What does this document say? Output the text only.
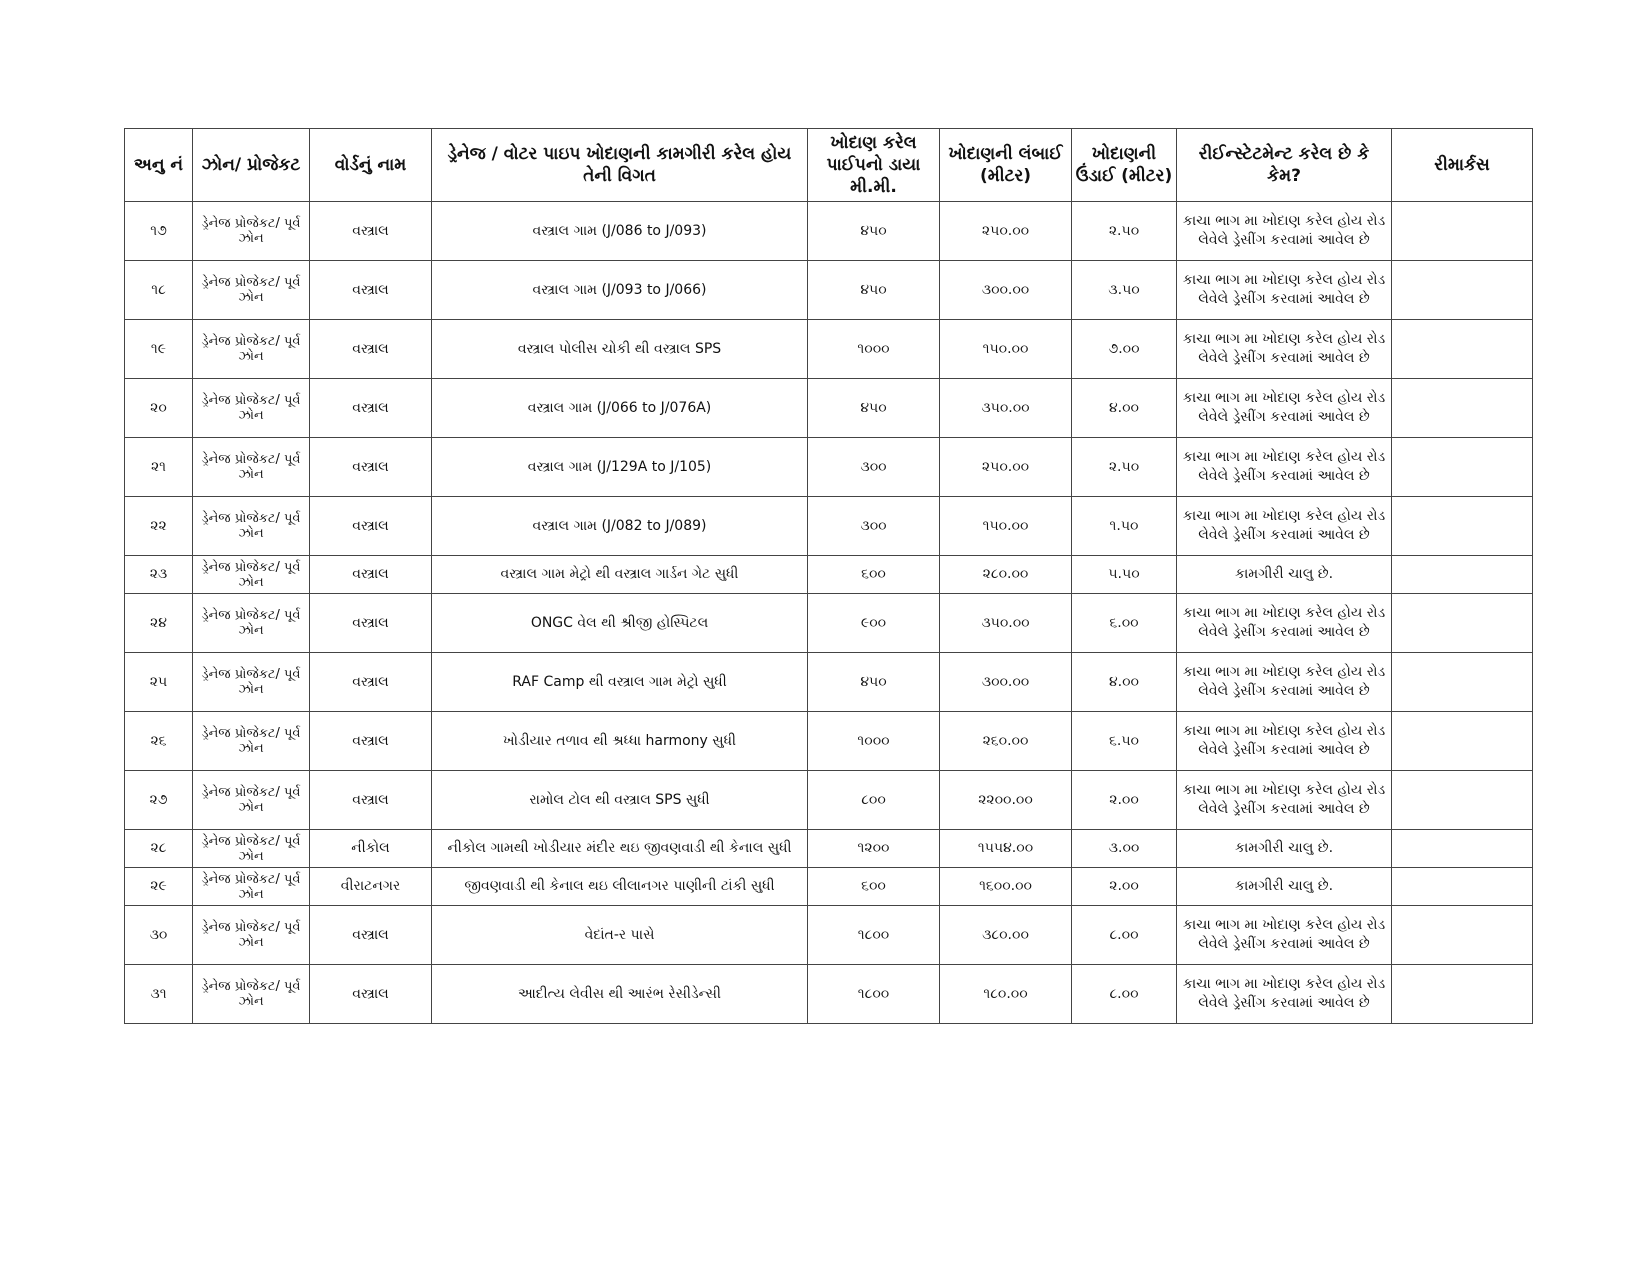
અનુ નં	ઝોન/ પ્રોજેકટ	વોર્ડનું નામ	ડ્રેનેજ / વોટર પાઇપ ખોદાણની કામગીરી કરેલ હોય તેની વિગત	ખોદાણ કરેલ પાઈપનો ડાયા મી.મી.	ખોદાણની લંબાઈ (મીટર)	ખોદાણની ઉંડાઈ (મીટર)	રીઈન્સ્ટેટમેન્ટ કરેલ છે કે કેમ?	રીમાર્કસ
૧૭	ડ્રેનેજ પ્રોજેકટ/ પૂર્વ ઝોન	વસ્ત્રાલ	વસ્ત્રાલ ગામ (J/086 to J/093)	૪૫૦	૨૫૦.૦૦	૨.૫૦	કાચા ભાગ મા ખોદાણ કરેલ હોય રોડ લેવેલે ડ્રેસીંગ કરવામાં આવેલ છે	
૧૮	ડ્રેનેજ પ્રોજેકટ/ પૂર્વ ઝોન	વસ્ત્રાલ	વસ્ત્રાલ ગામ (J/093 to J/066)	૪૫૦	૩૦૦.૦૦	૩.૫૦	કાચા ભાગ મા ખોદાણ કરેલ હોય રોડ લેવેલે ડ્રેસીંગ કરવામાં આવેલ છે	
૧૯	ડ્રેનેજ પ્રોજેકટ/ પૂર્વ ઝોન	વસ્ત્રાલ	વસ્ત્રાલ પોલીસ ચોકી થી વસ્ત્રાલ SPS	૧૦૦૦	૧૫૦.૦૦	૭.૦૦	કાચા ભાગ મા ખોદાણ કરેલ હોય રોડ લેવેલે ડ્રેસીંગ કરવામાં આવેલ છે	
૨૦	ડ્રેનેજ પ્રોજેકટ/ પૂર્વ ઝોન	વસ્ત્રાલ	વસ્ત્રાલ ગામ (J/066 to J/076A)	૪૫૦	૩૫૦.૦૦	૪.૦૦	કાચા ભાગ મા ખોદાણ કરેલ હોય રોડ લેવેલે ડ્રેસીંગ કરવામાં આવેલ છે	
૨૧	ડ્રેનેજ પ્રોજેકટ/ પૂર્વ ઝોન	વસ્ત્રાલ	વસ્ત્રાલ ગામ (J/129A to J/105)	૩૦૦	૨૫૦.૦૦	૨.૫૦	કાચા ભાગ મા ખોદાણ કરેલ હોય રોડ લેવેલે ડ્રેસીંગ કરવામાં આવેલ છે	
૨૨	ડ્રેનેજ પ્રોજેકટ/ પૂર્વ ઝોન	વસ્ત્રાલ	વસ્ત્રાલ ગામ (J/082 to J/089)	૩૦૦	૧૫૦.૦૦	૧.૫૦	કાચા ભાગ મા ખોદાણ કરેલ હોય રોડ લેવેલે ડ્રેસીંગ કરવામાં આવેલ છે	
૨૩	ડ્રેનેજ પ્રોજેકટ/ પૂર્વ ઝોન	વસ્ત્રાલ	વસ્ત્રાલ ગામ મેટ્રો થી વસ્ત્રાલ ગાર્ડન ગેટ સુધી	૬૦૦	૨૮૦.૦૦	૫.૫૦	કામગીરી ચાલુ છે.	
૨૪	ડ્રેનેજ પ્રોજેકટ/ પૂર્વ ઝોન	વસ્ત્રાલ	ONGC વેલ થી શ્રીજી હોસ્પિટલ	૯૦૦	૩૫૦.૦૦	૬.૦૦	કાચા ભાગ મા ખોદાણ કરેલ હોય રોડ લેવેલે ડ્રેસીંગ કરવામાં આવેલ છે	
૨૫	ડ્રેનેજ પ્રોજેકટ/ પૂર્વ ઝોન	વસ્ત્રાલ	RAF Camp થી વસ્ત્રાલ ગામ મેટ્રો સુધી	૪૫૦	૩૦૦.૦૦	૪.૦૦	કાચા ભાગ મા ખોદાણ કરેલ હોય રોડ લેવેલે ડ્રેસીંગ કરવામાં આવેલ છે	
૨૬	ડ્રેનેજ પ્રોજેકટ/ પૂર્વ ઝોન	વસ્ત્રાલ	ખોડીયાર તળાવ થી શ્રધ્ધા harmony સુધી	૧૦૦૦	૨૬૦.૦૦	૬.૫૦	કાચા ભાગ મા ખોદાણ કરેલ હોય રોડ લેવેલે ડ્રેસીંગ કરવામાં આવેલ છે	
૨૭	ડ્રેનેજ પ્રોજેકટ/ પૂર્વ ઝોન	વસ્ત્રાલ	રામોલ ટોલ થી વસ્ત્રાલ SPS સુધી	૮૦૦	૨૨૦૦.૦૦	૨.૦૦	કાચા ભાગ મા ખોદાણ કરેલ હોય રોડ લેવેલે ડ્રેસીંગ કરવામાં આવેલ છે	
૨૮	ડ્રેનેજ પ્રોજેકટ/ પૂર્વ ઝોન	નીકોલ	નીકોલ ગામથી ખોડીયાર મંદીર થઇ જીવણવાડી થી કેનાલ સુધી	૧૨૦૦	૧૫૫૪.૦૦	૩.૦૦	કામગીરી ચાલુ છે.	
૨૯	ડ્રેનેજ પ્રોજેકટ/ પૂર્વ ઝોન	વીરાટનગર	જીવણવાડી થી કેનાલ થઇ લીલાનગર પાણીની ટાંકી સુધી	૬૦૦	૧૬૦૦.૦૦	૨.૦૦	કામગીરી ચાલુ છે.	
૩૦	ડ્રેનેજ પ્રોજેકટ/ પૂર્વ ઝોન	વસ્ત્રાલ	વેદાંત-ર પાસે	૧૮૦૦	૩૮૦.૦૦	૮.૦૦	કાચા ભાગ મા ખોદાણ કરેલ હોય રોડ લેવેલે ડ્રેસીંગ કરવામાં આવેલ છે	
૩૧	ડ્રેનેજ પ્રોજેકટ/ પૂર્વ ઝોન	વસ્ત્રાલ	આદીત્ય લેવીસ થી આરંભ રેસીડેન્સી	૧૮૦૦	૧૮૦.૦૦	૮.૦૦	કાચા ભાગ મા ખોદાણ કરેલ હોય રોડ લેવેલે ડ્રેસીંગ કરવામાં આવેલ છે	
